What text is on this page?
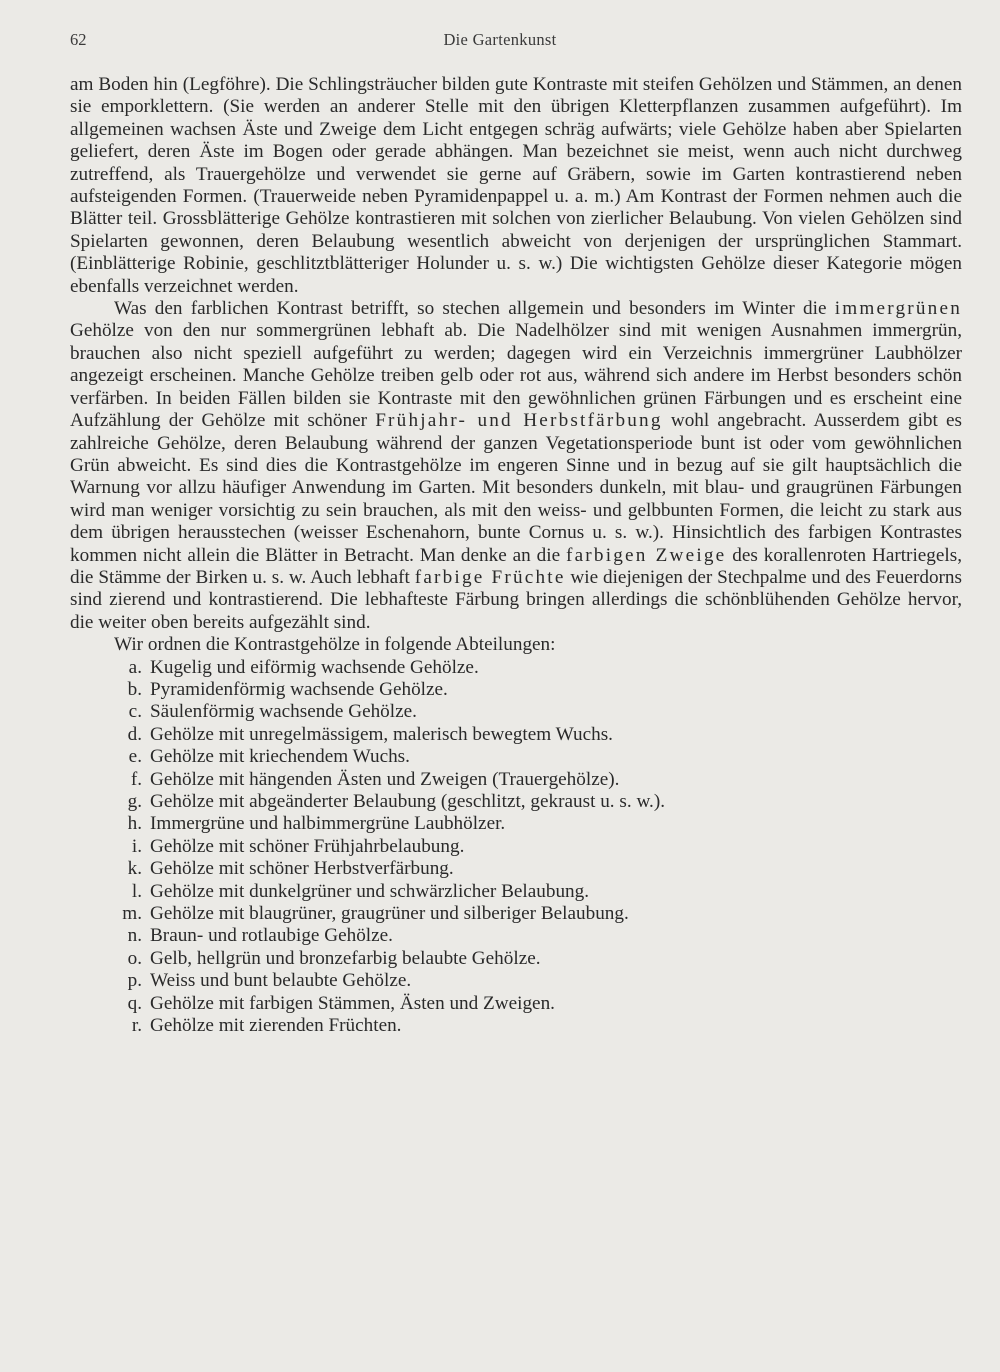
62	Die Gartenkunst

am Boden hin (Legföhre). Die Schlingsträucher bilden gute Kontraste mit steifen Gehölzen und Stämmen, an denen sie emporklettern. (Sie werden an anderer Stelle mit den übrigen Kletterpflanzen zusammen aufgeführt). Im allgemeinen wachsen Äste und Zweige dem Licht entgegen schräg aufwärts; viele Gehölze haben aber Spielarten geliefert, deren Äste im Bogen oder gerade abhängen. Man bezeichnet sie meist, wenn auch nicht durchweg zutreffend, als Trauergehölze und verwendet sie gerne auf Gräbern, sowie im Garten kontrastierend neben aufsteigenden Formen. (Trauerweide neben Pyramidenpappel u. a. m.) Am Kontrast der Formen nehmen auch die Blätter teil. Grossblätterige Gehölze kontrastieren mit solchen von zierlicher Belaubung. Von vielen Gehölzen sind Spielarten gewonnen, deren Belaubung wesentlich abweicht von derjenigen der ursprünglichen Stammart. (Einblätterige Robinie, geschlitztblätteriger Holunder u. s. w.) Die wichtigsten Gehölze dieser Kategorie mögen ebenfalls verzeichnet werden.

Was den farblichen Kontrast betrifft, so stechen allgemein und besonders im Winter die immergrünen Gehölze von den nur sommergrünen lebhaft ab. Die Nadelhölzer sind mit wenigen Ausnahmen immergrün, brauchen also nicht speziell aufgeführt zu werden; dagegen wird ein Verzeichnis immergrüner Laubhölzer angezeigt erscheinen. Manche Gehölze treiben gelb oder rot aus, während sich andere im Herbst besonders schön verfärben. In beiden Fällen bilden sie Kontraste mit den gewöhnlichen grünen Färbungen und es erscheint eine Aufzählung der Gehölze mit schöner Frühjahr- und Herbstfärbung wohl angebracht. Ausserdem gibt es zahlreiche Gehölze, deren Belaubung während der ganzen Vegetationsperiode bunt ist oder vom gewöhnlichen Grün abweicht. Es sind dies die Kontrastgehölze im engeren Sinne und in bezug auf sie gilt hauptsächlich die Warnung vor allzu häufiger Anwendung im Garten. Mit besonders dunkeln, mit blau- und graugrünen Färbungen wird man weniger vorsichtig zu sein brauchen, als mit den weiss- und gelbbunten Formen, die leicht zu stark aus dem übrigen herausstechen (weisser Eschenahorn, bunte Cornus u. s. w.). Hinsichtlich des farbigen Kontrastes kommen nicht allein die Blätter in Betracht. Man denke an die farbigen Zweige des korallenroten Hartriegels, die Stämme der Birken u. s. w. Auch lebhaft farbige Früchte wie diejenigen der Stechpalme und des Feuerdorns sind zierend und kontrastierend. Die lebhafteste Färbung bringen allerdings die schönblühenden Gehölze hervor, die weiter oben bereits aufgezählt sind.

Wir ordnen die Kontrastgehölze in folgende Abteilungen:

a. Kugelig und eiförmig wachsende Gehölze.
b. Pyramidenförmig wachsende Gehölze.
c. Säulenförmig wachsende Gehölze.
d. Gehölze mit unregelmässigem, malerisch bewegtem Wuchs.
e. Gehölze mit kriechendem Wuchs.
f. Gehölze mit hängenden Ästen und Zweigen (Trauergehölze).
g. Gehölze mit abgeänderter Belaubung (geschlitzt, gekraust u. s. w.).
h. Immergrüne und halbimmergrüne Laubhölzer.
i. Gehölze mit schöner Frühjahrbelaubung.
k. Gehölze mit schöner Herbstverfärbung.
l. Gehölze mit dunkelgrüner und schwärzlicher Belaubung.
m. Gehölze mit blaugrüner, graugrüner und silberiger Belaubung.
n. Braun- und rotlaubige Gehölze.
o. Gelb, hellgrün und bronzefarbig belaubte Gehölze.
p. Weiss und bunt belaubte Gehölze.
q. Gehölze mit farbigen Stämmen, Ästen und Zweigen.
r. Gehölze mit zierenden Früchten.
